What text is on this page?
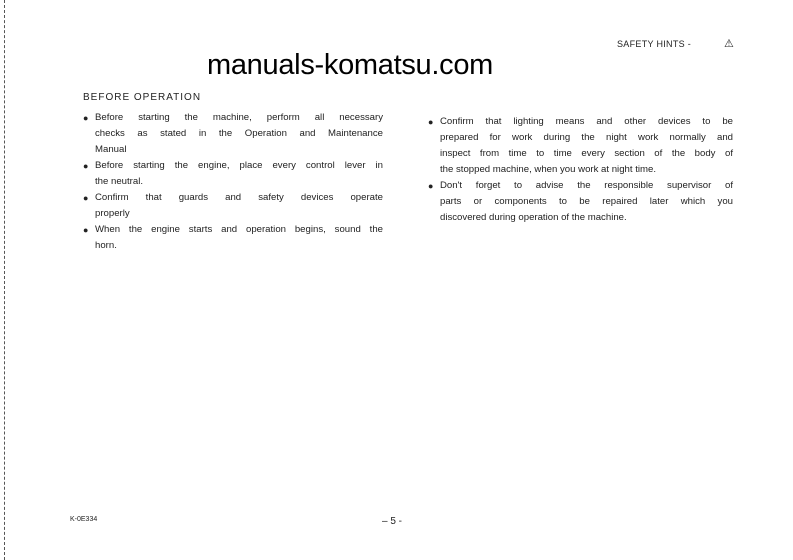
SAFETY HINTS -	⚠
BEFORE OPERATION
● Before starting the machine, perform all necessary
checks as stated in the Operation and Maintenance
Manual
● Before starting the engine, place every control lever in
the neutral.
● Confirm that guards and safety devices operate
properly
● When the engine starts and operation begins, sound the
horn.
● Confirm that lighting means and other devices to be
prepared for work during the night work normally and
inspect from time to time every section of the body of
the stopped machine, when you work at night time.
● Don't forget to advise the responsible supervisor of
parts or components to be repaired later which you
discovered during operation of the machine.
manuals-komatsu.com
K-0E334	– 5 -
